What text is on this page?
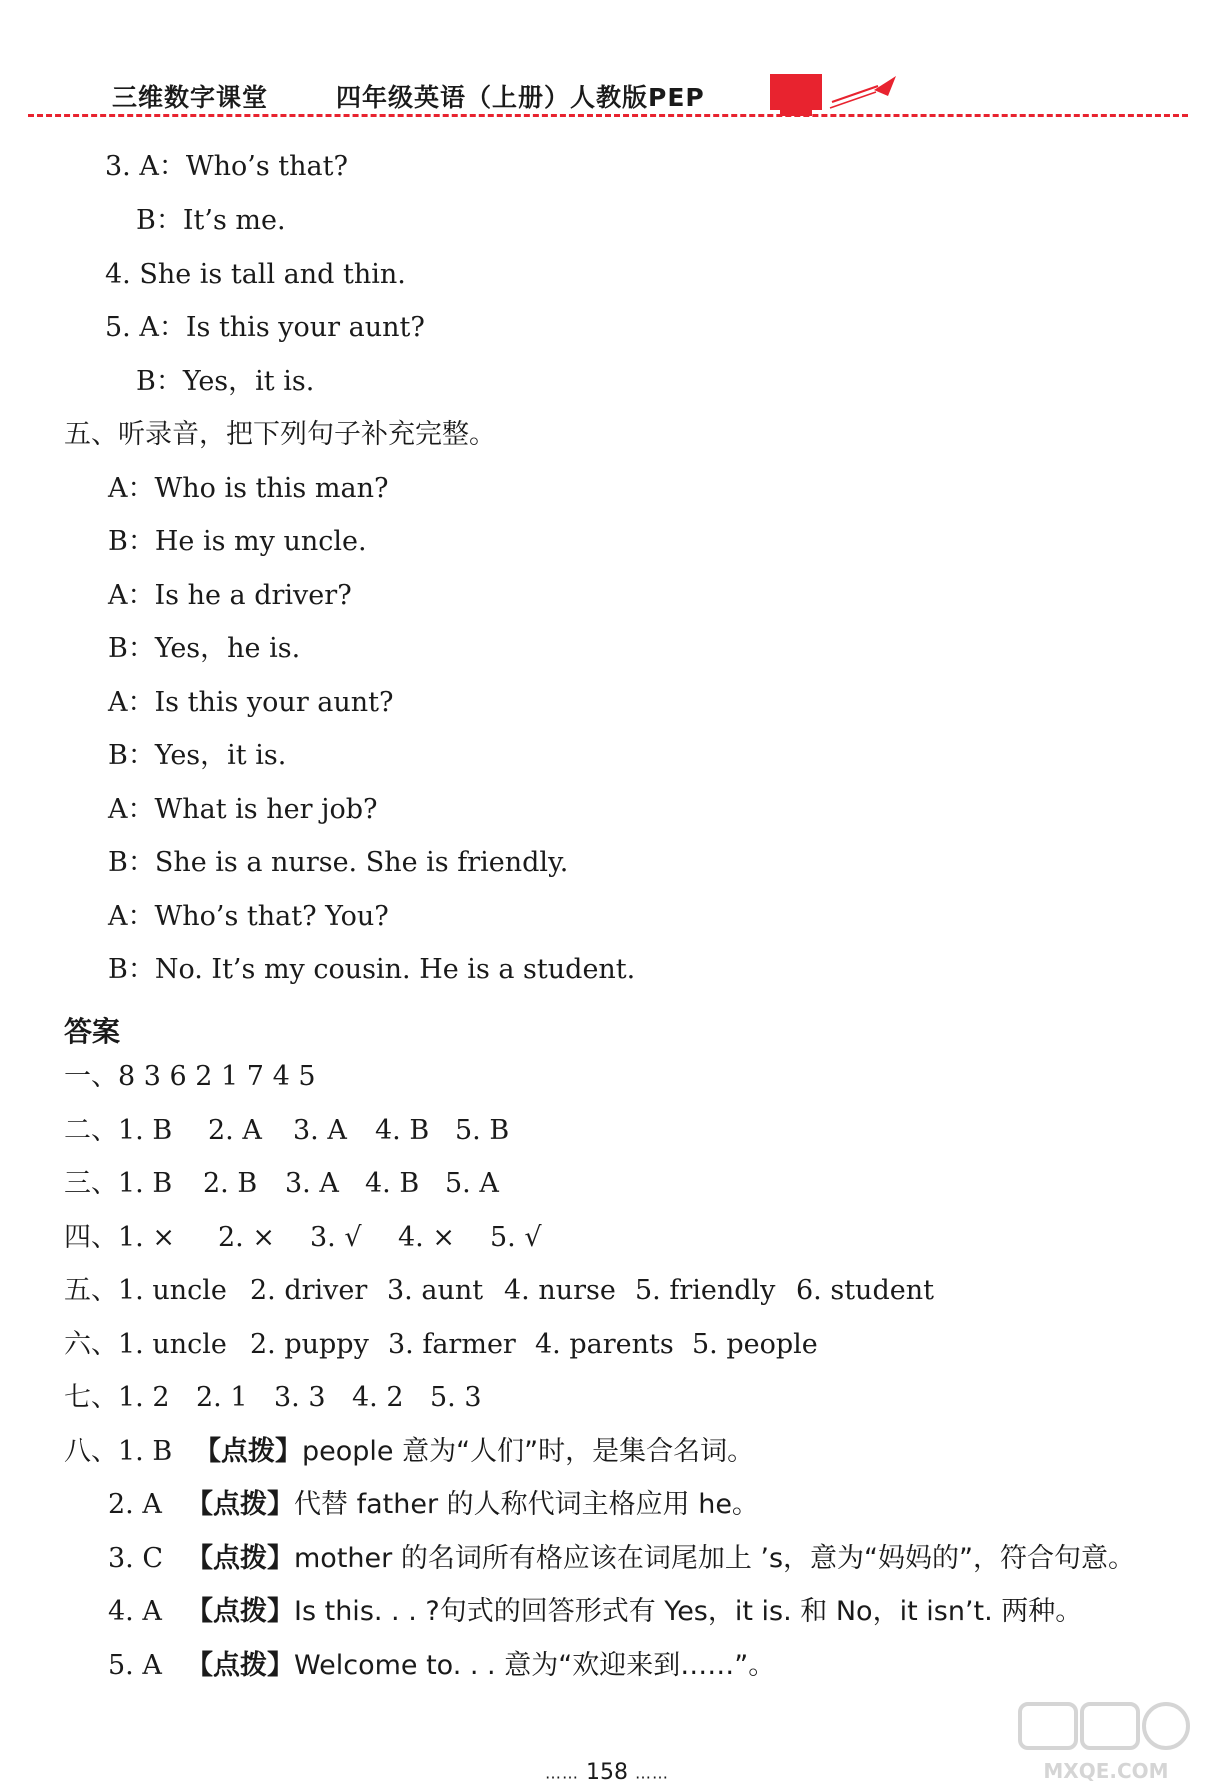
三维数字课堂	四年级英语（上册）人教版PEP
3. A：Who’s that?
B：It’s me.
4. She is tall and thin.
5. A：Is this your aunt?
B：Yes，it is.
五、听录音，把下列句子补充完整。
A：Who is this man?
B：He is my uncle.
A：Is he a driver?
B：Yes，he is.
A：Is this your aunt?
B：Yes，it is.
A：What is her job?
B：She is a nurse. She is friendly.
A：Who’s that? You?
B：No. It’s my cousin. He is a student.
答案
一、8 3 6 2 1 7 4 5
二、1. B 2. A 3. A 4. B 5. B
三、1. B 2. B 3. A 4. B 5. A
四、1. × 2. × 3. √ 4. × 5. √
五、1. uncle 2. driver 3. aunt 4. nurse 5. friendly 6. student
六、1. uncle 2. puppy 3. farmer 4. parents 5. people
七、1. 2 2. 1 3. 3 4. 2 5. 3
八、1. B 【点拨】people 意为“人们”时，是集合名词。
2. A 【点拨】代替 father 的人称代词主格应用 he。
3. C 【点拨】mother 的名词所有格应该在词尾加上 ’s，意为“妈妈的”，符合句意。
4. A 【点拨】Is this. . . ?句式的回答形式有 Yes，it is. 和 No，it isn’t. 两种。
5. A 【点拨】Welcome to. . . 意为“欢迎来到……”。
…… 158 ……	MXQE.COM
